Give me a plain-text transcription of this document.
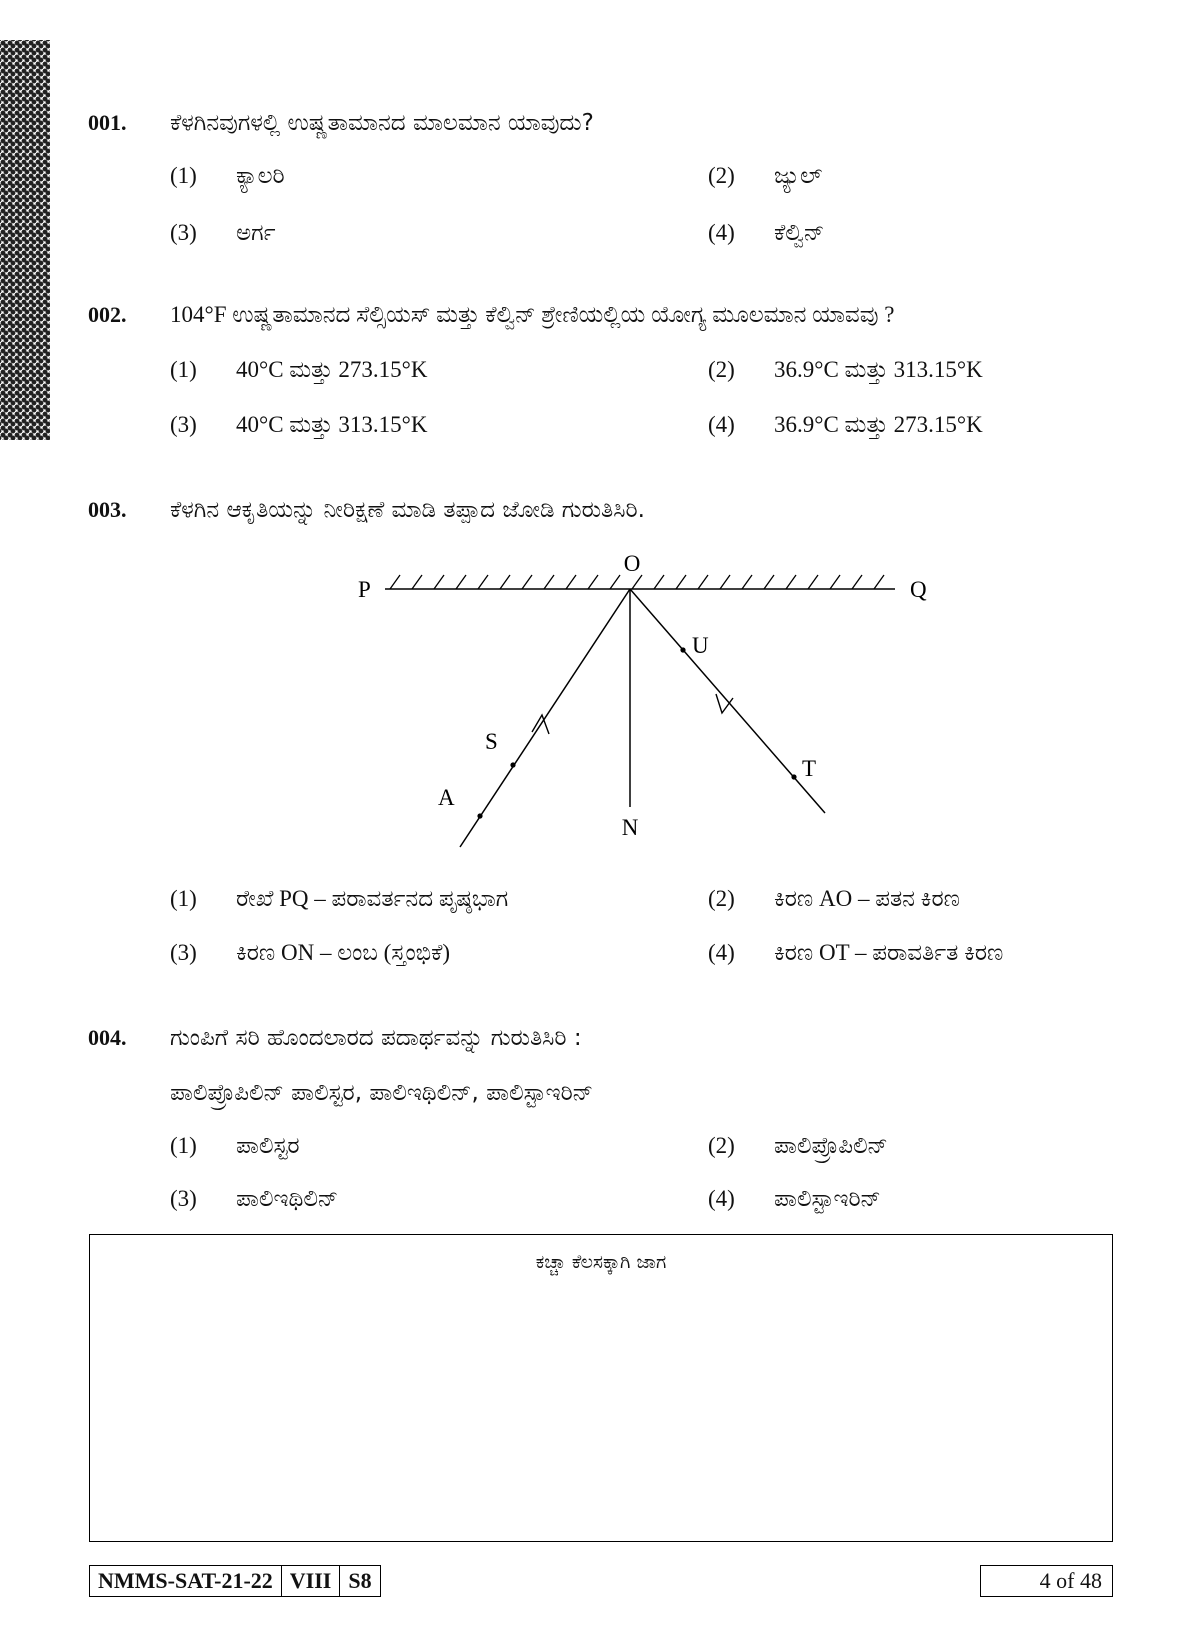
001.	ಕೆಳಗಿನವುಗಳಲ್ಲಿ ಉಷ್ಣತಾಮಾನದ ಮಾಲಮಾನ ಯಾವುದು?
(1) ಕ್ಯಾಲರಿ	(2) ಜ್ಯುಲ್
(3) ಅರ್ಗ	(4) ಕೆಲ್ವಿನ್
002.	104°F ಉಷ್ಣತಾಮಾನದ ಸೆಲ್ಸಿಯಸ್ ಮತ್ತು ಕೆಲ್ವಿನ್ ಶ್ರೇಣಿಯಲ್ಲಿಯ ಯೋಗ್ಯ ಮೂಲಮಾನ ಯಾವವು ?
(1) 40°C ಮತ್ತು 273.15°K	(2) 36.9°C ಮತ್ತು 313.15°K
(3) 40°C ಮತ್ತು 313.15°K	(4) 36.9°C ಮತ್ತು 273.15°K
003.	ಕೆಳಗಿನ ಆಕೃತಿಯನ್ನು ನೀರಿಕ್ಷಣೆ ಮಾಡಿ ತಪ್ಪಾದ ಜೋಡಿ ಗುರುತಿಸಿರಿ.
P	Q
O
U
S
T
A
N
(1) ರೇಖೆ PQ – ಪರಾವರ್ತನದ ಪೃಷ್ಠಭಾಗ	(2) ಕಿರಣ AO – ಪತನ ಕಿರಣ
(3) ಕಿರಣ ON – ಲಂಬ (ಸ್ತಂಭಿಕೆ)	(4) ಕಿರಣ OT – ಪರಾವರ್ತಿತ ಕಿರಣ
004.	ಗುಂಪಿಗೆ ಸರಿ ಹೊಂದಲಾರದ ಪದಾರ್ಥವನ್ನು ಗುರುತಿಸಿರಿ :
ಪಾಲಿಪ್ರೊಪಿಲಿನ್ ಪಾಲಿಸ್ಟರ, ಪಾಲಿಇಥಿಲಿನ್, ಪಾಲಿಸ್ಟಾಇರಿನ್
(1) ಪಾಲಿಸ್ಟರ	(2) ಪಾಲಿಪ್ರೊಪಿಲಿನ್
(3) ಪಾಲಿಇಥಿಲಿನ್	(4) ಪಾಲಿಸ್ಟಾಇರಿನ್
ಕಚ್ಚಾ ಕೆಲಸಕ್ಕಾಗಿ ಜಾಗ
NMMS-SAT-21-22 VIII S8	4 of 48
